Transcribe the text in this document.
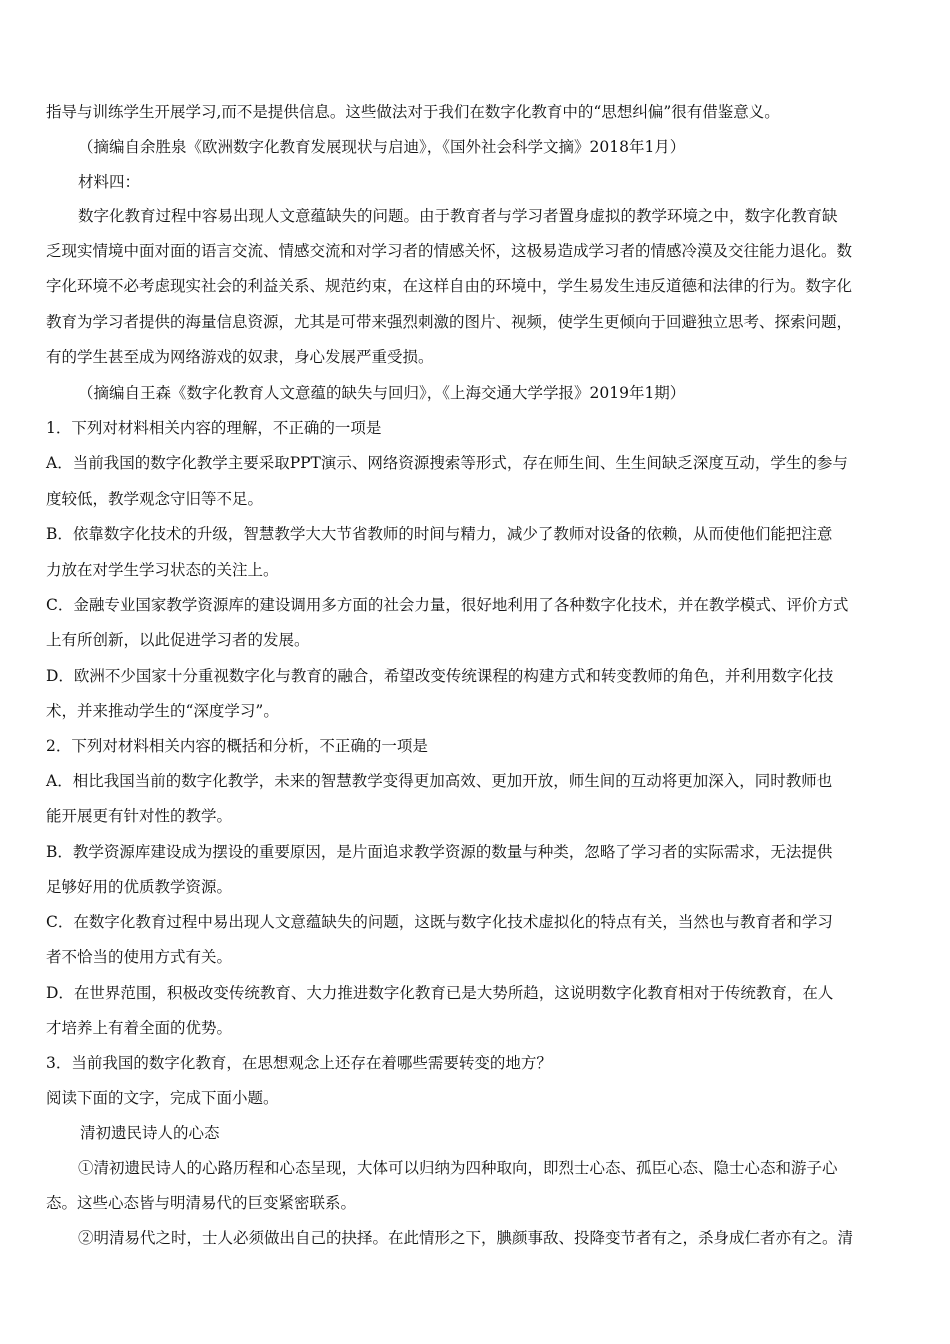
指导与训练学生开展学习,而不是提供信息。这些做法对于我们在数字化教育中的“思想纠偏”很有借鉴意义。
（摘编自余胜泉《欧洲数字化教育发展现状与启迪》，《国外社会科学文摘》2018年1月）
材料四：
数字化教育过程中容易出现人文意蕴缺失的问题。由于教育者与学习者置身虚拟的教学环境之中，数字化教育缺
乏现实情境中面对面的语言交流、情感交流和对学习者的情感关怀，这极易造成学习者的情感冷漠及交往能力退化。数
字化环境不必考虑现实社会的利益关系、规范约束，在这样自由的环境中，学生易发生违反道德和法律的行为。数字化
教育为学习者提供的海量信息资源，尤其是可带来强烈刺激的图片、视频，使学生更倾向于回避独立思考、探索问题，
有的学生甚至成为网络游戏的奴隶，身心发展严重受损。
（摘编自王森《数字化教育人文意蕴的缺失与回归》，《上海交通大学学报》2019年1期）
1．下列对材料相关内容的理解，不正确的一项是
A．当前我国的数字化教学主要采取PPT演示、网络资源搜索等形式，存在师生间、生生间缺乏深度互动，学生的参与
度较低，教学观念守旧等不足。
B．依靠数字化技术的升级，智慧教学大大节省教师的时间与精力，减少了教师对设备的依赖，从而使他们能把注意
力放在对学生学习状态的关注上。
C．金融专业国家教学资源库的建设调用多方面的社会力量，很好地利用了各种数字化技术，并在教学模式、评价方式
上有所创新，以此促进学习者的发展。
D．欧洲不少国家十分重视数字化与教育的融合，希望改变传统课程的构建方式和转变教师的角色，并利用数字化技
术，并来推动学生的“深度学习”。
2．下列对材料相关内容的概括和分析，不正确的一项是
A．相比我国当前的数字化教学，未来的智慧教学变得更加高效、更加开放，师生间的互动将更加深入，同时教师也
能开展更有针对性的教学。
B．教学资源库建设成为摆设的重要原因，是片面追求教学资源的数量与种类，忽略了学习者的实际需求，无法提供
足够好用的优质教学资源。
C．在数字化教育过程中易出现人文意蕴缺失的问题，这既与数字化技术虚拟化的特点有关，当然也与教育者和学习
者不恰当的使用方式有关。
D．在世界范围，积极改变传统教育、大力推进数字化教育已是大势所趋，这说明数字化教育相对于传统教育，在人
才培养上有着全面的优势。
3．当前我国的数字化教育，在思想观念上还存在着哪些需要转变的地方？
阅读下面的文字，完成下面小题。
清初遗民诗人的心态
①清初遗民诗人的心路历程和心态呈现，大体可以归纳为四种取向，即烈士心态、孤臣心态、隐士心态和游子心
态。这些心态皆与明清易代的巨变紧密联系。
②明清易代之时，士人必须做出自己的抉择。在此情形之下，腆颜事敌、投降变节者有之，杀身成仁者亦有之。清
